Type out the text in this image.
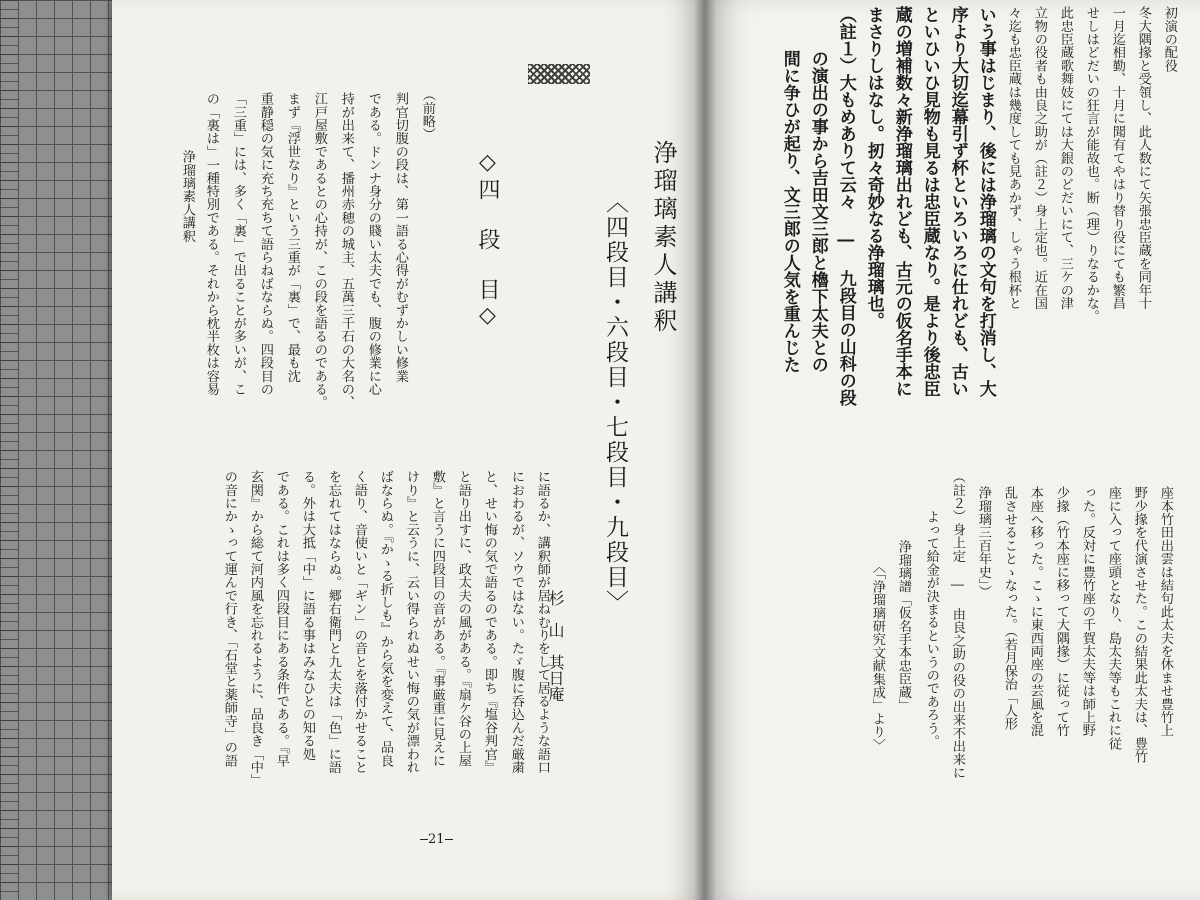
浄瑠璃素人講釈	浄瑠璃素人講釈
〈四段目・六段目・七段目・九段目〉
杉　山　其日庵
◇四　段　目◇
（前略）
判官切腹の段は、第一語る心得がむずかしい修業
である。ドンナ身分の賤い太夫でも、腹の修業に心
持が出来て、播州赤穂の城主、五萬三千石の大名の、
江戸屋敷であるとの心持が、この段を語るのである。
まず『浮世なり』という三重が「裏」で、最も沈
重静穏の気に充ち充ちて語らねばならぬ。四段目の
「三重」には、多く「裏」で出ることが多いが、こ
の「裏は」一種特別である。それから枕半枚は容易
に語るか、講釈師が居ねむりをして居るような語口
におわるが、ソウではない。たゞ腹に呑込んだ厳粛
と、せい悔の気で語るのである。即ち『塩谷判官』
と語り出すに、政太夫の風がある。『扇ケ谷の上屋
敷』と言うに四段目の音がある。『事厳重に見えに
けり』と云うに、云い得られぬせい悔の気が漂われ
ばならぬ。『かゝる折しも』から気を変えて、品良
く語り、音使いと「ギン」の音とを落付かせること
を忘れてはならぬ。郷右衛門と九太夫は「色」に語
る。外は大抵「中」に語る事はみなひとの知る処
である。これは多く四段目にある条件である。『早
玄関』から総て河内風を忘れるように、品良き「中」
の音にかゝって運んで行き、「石堂と薬師寺」の語
21
初演の配役
冬大隅掾と受領し、此人数にて矢張忠臣蔵を同年十
一月迄相勤、十月に聞有てやはり替り役にても繁昌
せしはどだいの狂言が能故也。断（理）りなるかな。
此忠臣蔵歌舞妓にては大銀のどだいにて、三ケの津
立物の役者も由良之助が（註２）身上定也。近在国
々迄も忠臣蔵は幾度しても見あかず、しゃう根杯と
いう事はじまり、後には浄瑠璃の文句を打消し、大
序より大切迄幕引ず杯といろいろに仕れども、古い
といひいひ見物も見るは忠臣蔵なり。是より後忠臣
蔵の増補数々新浄瑠璃出れども、古元の仮名手本に
まさりしはなし。扨々奇妙なる浄瑠璃也。
（註１）大もめありて云々 ― 九段目の山科の段
の演出の事から吉田文三郎と櫓下太夫との
間に争ひが起り、文三郎の人気を重んじた
座本竹田出雲は結句此太夫を休ませ豊竹上
野少掾を代演させた。この結果此太夫は、豊竹
座に入って座頭となり、島太夫等もこれに従
った。反対に豊竹座の千賀太夫等は師上野
少掾（竹本座に移って大隅掾）に従って竹
本座へ移った。こゝに東西両座の芸風を混
乱させることゝなった。（若月保治「人形
浄瑠璃三百年史」）
（註２）身上定 ― 由良之助の役の出来不出来に
よって給金が決まるというのであろう。
浄瑠璃譜「仮名手本忠臣蔵」
〈「浄瑠璃研究文献集成」より〉
